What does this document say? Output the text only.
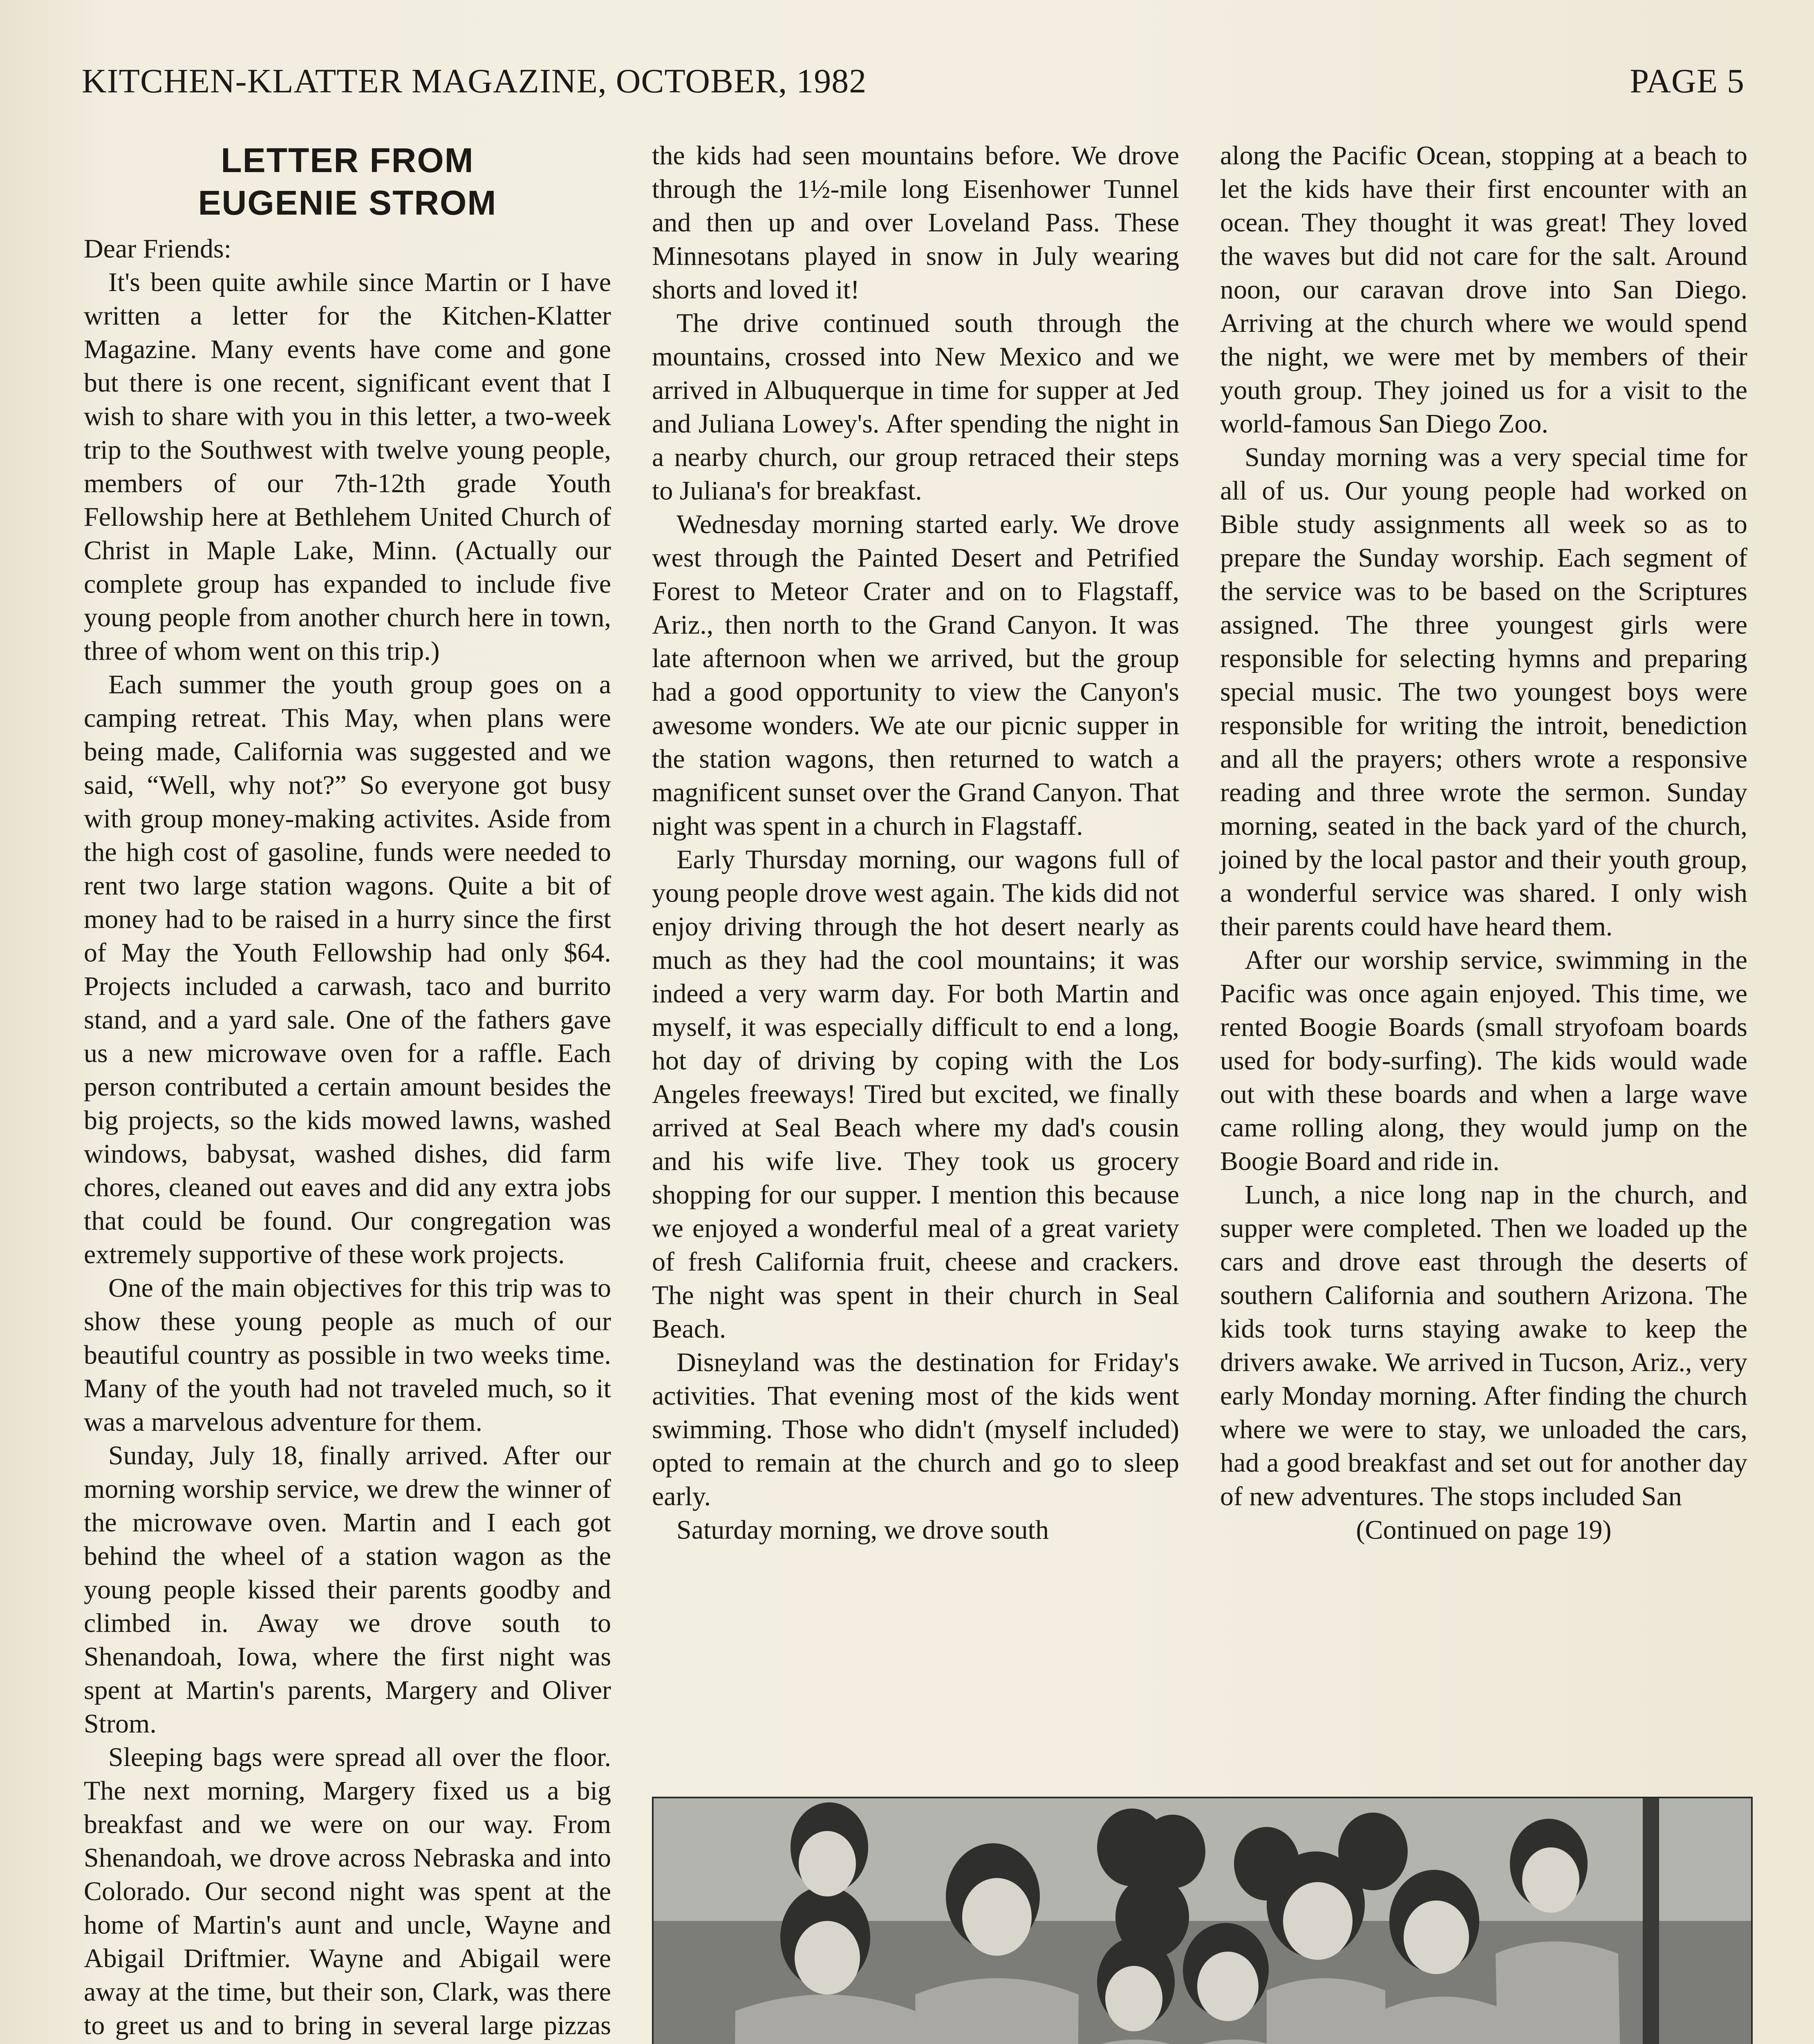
KITCHEN-KLATTER MAGAZINE, OCTOBER, 1982	PAGE 5
LETTER FROM
EUGENIE STROM

Dear Friends:

It's been quite awhile since Martin or I have written a letter for the Kitchen-Klatter Magazine. Many events have come and gone but there is one recent, significant event that I wish to share with you in this letter, a two-week trip to the Southwest with twelve young people, members of our 7th-12th grade Youth Fellowship here at Bethlehem United Church of Christ in Maple Lake, Minn. (Actually our complete group has expanded to include five young people from another church here in town, three of whom went on this trip.)

Each summer the youth group goes on a camping retreat. This May, when plans were being made, California was suggested and we said, “Well, why not?” So everyone got busy with group money-making activites. Aside from the high cost of gasoline, funds were needed to rent two large station wagons. Quite a bit of money had to be raised in a hurry since the first of May the Youth Fellowship had only $64. Projects included a carwash, taco and burrito stand, and a yard sale. One of the fathers gave us a new microwave oven for a raffle. Each person contributed a certain amount besides the big projects, so the kids mowed lawns, washed windows, babysat, washed dishes, did farm chores, cleaned out eaves and did any extra jobs that could be found. Our congregation was extremely supportive of these work projects.

One of the main objectives for this trip was to show these young people as much of our beautiful country as possible in two weeks time. Many of the youth had not traveled much, so it was a marvelous adventure for them.

Sunday, July 18, finally arrived. After our morning worship service, we drew the winner of the microwave oven. Martin and I each got behind the wheel of a station wagon as the young people kissed their parents goodby and climbed in. Away we drove south to Shenandoah, Iowa, where the first night was spent at Martin's parents, Margery and Oliver Strom.

Sleeping bags were spread all over the floor. The next morning, Margery fixed us a big breakfast and we were on our way. From Shenandoah, we drove across Nebraska and into Colorado. Our second night was spent at the home of Martin's aunt and uncle, Wayne and Abigail Driftmier. Wayne and Abigail were away at the time, but their son, Clark, was there to greet us and to bring in several large pizzas

the kids had seen mountains before. We drove through the 1½-mile long Eisenhower Tunnel and then up and over Loveland Pass. These Minnesotans played in snow in July wearing shorts and loved it!

The drive continued south through the mountains, crossed into New Mexico and we arrived in Albuquerque in time for supper at Jed and Juliana Lowey's. After spending the night in a nearby church, our group retraced their steps to Juliana's for breakfast.

Wednesday morning started early. We drove west through the Painted Desert and Petrified Forest to Meteor Crater and on to Flagstaff, Ariz., then north to the Grand Canyon. It was late afternoon when we arrived, but the group had a good opportunity to view the Canyon's awesome wonders. We ate our picnic supper in the station wagons, then returned to watch a magnificent sunset over the Grand Canyon. That night was spent in a church in Flagstaff.

Early Thursday morning, our wagons full of young people drove west again. The kids did not enjoy driving through the hot desert nearly as much as they had the cool mountains; it was indeed a very warm day. For both Martin and myself, it was especially difficult to end a long, hot day of driving by coping with the Los Angeles freeways! Tired but excited, we finally arrived at Seal Beach where my dad's cousin and his wife live. They took us grocery shopping for our supper. I mention this because we enjoyed a wonderful meal of a great variety of fresh California fruit, cheese and crackers. The night was spent in their church in Seal Beach.

Disneyland was the destination for Friday's activities. That evening most of the kids went swimming. Those who didn't (myself included) opted to remain at the church and go to sleep early.

Saturday morning, we drove south

along the Pacific Ocean, stopping at a beach to let the kids have their first encounter with an ocean. They thought it was great! They loved the waves but did not care for the salt. Around noon, our caravan drove into San Diego. Arriving at the church where we would spend the night, we were met by members of their youth group. They joined us for a visit to the world-famous San Diego Zoo.

Sunday morning was a very special time for all of us. Our young people had worked on Bible study assignments all week so as to prepare the Sunday worship. Each segment of the service was to be based on the Scriptures assigned. The three youngest girls were responsible for selecting hymns and preparing special music. The two youngest boys were responsible for writing the introit, benediction and all the prayers; others wrote a responsive reading and three wrote the sermon. Sunday morning, seated in the back yard of the church, joined by the local pastor and their youth group, a wonderful service was shared. I only wish their parents could have heard them.

After our worship service, swimming in the Pacific was once again enjoyed. This time, we rented Boogie Boards (small stryofoam boards used for body-surfing). The kids would wade out with these boards and when a large wave came rolling along, they would jump on the Boogie Board and ride in.

Lunch, a nice long nap in the church, and supper were completed. Then we loaded up the cars and drove east through the deserts of southern California and southern Arizona. The kids took turns staying awake to keep the drivers awake. We arrived in Tucson, Ariz., very early Monday morning. After finding the church where we were to stay, we unloaded the cars, had a good breakfast and set out for another day of new adventures. The stops included San

(Continued on page 19)
